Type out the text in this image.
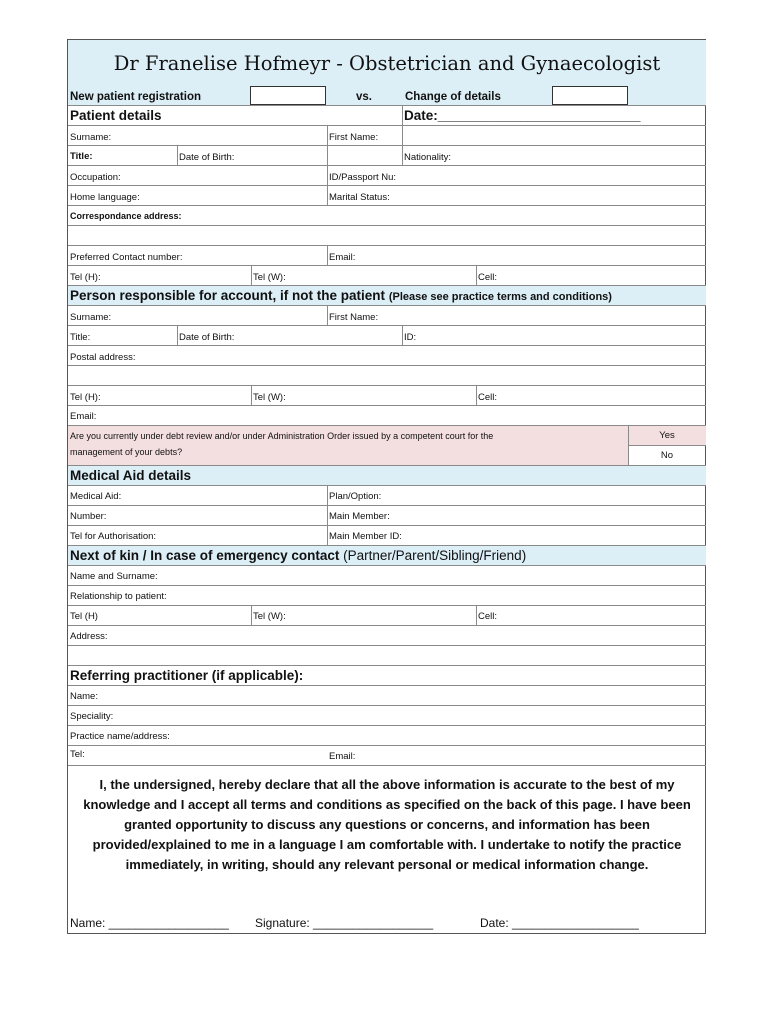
Dr Franelise Hofmeyr - Obstetrician and Gynaecologist
New patient registration	vs.	Change of details
Patient details	Date:___________________________
Surname:	First Name:
Title:	Date of Birth:	Nationality:
Occupation:	ID/Passport Nu:
Home language:	Marital Status:
Correspondance address:
Preferred Contact number:	Email:
Tel (H):	Tel (W):	Cell:
Person responsible for account, if not the patient (Please see practice terms and conditions)
Surname:	First Name:
Title:	Date of Birth:	ID:
Postal address:
Tel (H):	Tel (W):	Cell:
Email:
Are you currently under debt review and/or under Administration Order issued by a competent court for the
management of your debts?
Yes
No
Medical Aid details
Medical Aid:	Plan/Option:
Number:	Main Member:
Tel for Authorisation:	Main Member ID:
Next of kin / In case of emergency contact (Partner/Parent/Sibling/Friend)
Name and Surname:
Relationship to patient:
Tel (H)	Tel (W):	Cell:
Address:
Referring practitioner (if applicable):
Name:
Speciality:
Practice name/address:
Tel:	Email:
I, the undersigned, hereby declare that all the above information is accurate to the best of my knowledge and I accept all terms and conditions as specified on the back of this page. I have been granted opportunity to discuss any questions or concerns, and information has been provided/explained to me in a language I am comfortable with. I undertake to notify the practice immediately, in writing, should any relevant personal or medical information change.
Name: __________________ Signature: __________________	Date: ___________________
